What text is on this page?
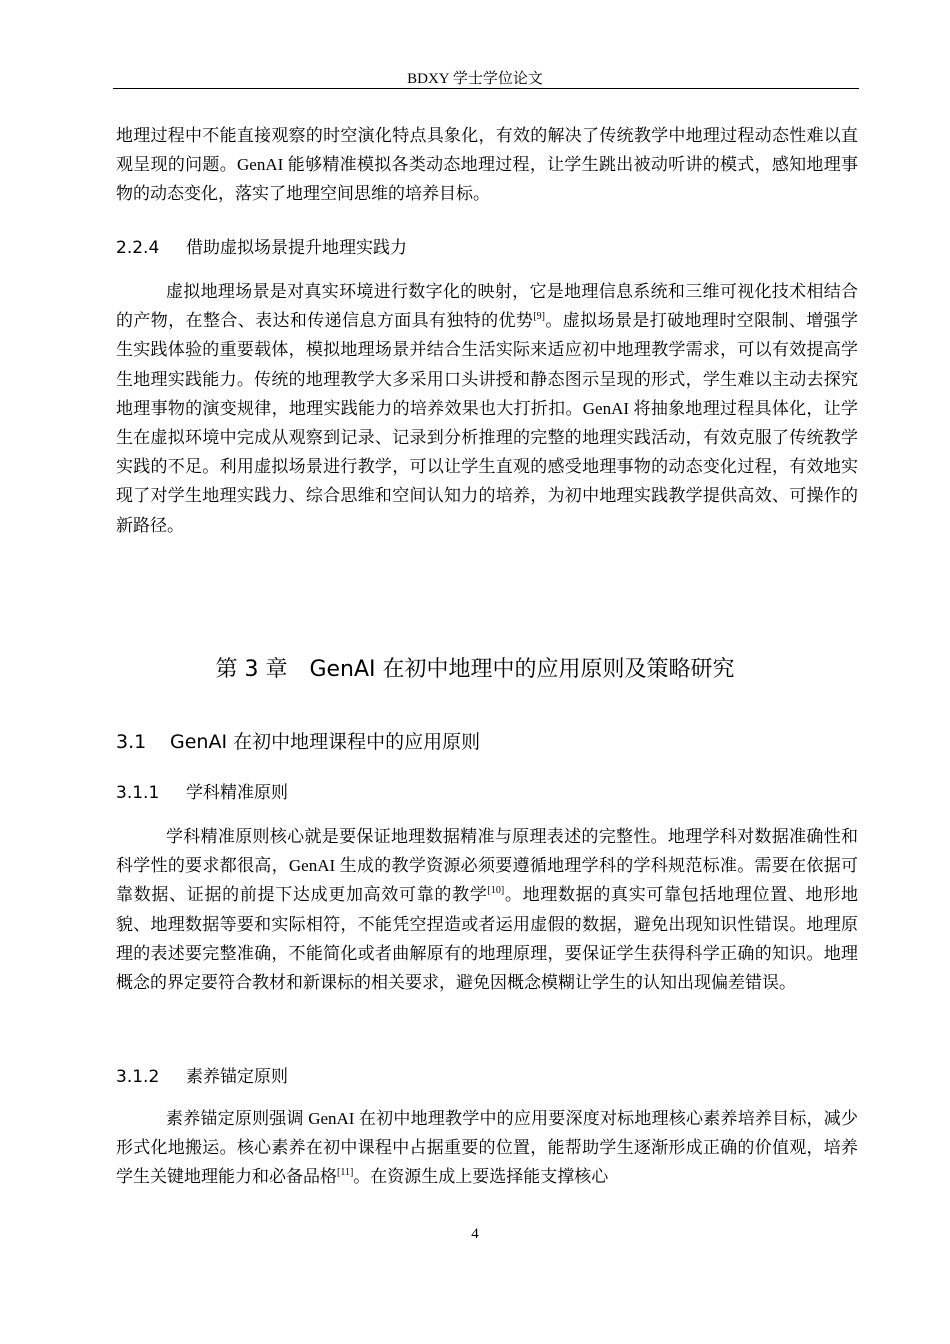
BDXY 学士学位论文
地理过程中不能直接观察的时空演化特点具象化，有效的解决了传统教学中地理过程动态性难以直观呈现的问题。GenAI 能够精准模拟各类动态地理过程，让学生跳出被动听讲的模式，感知地理事物的动态变化，落实了地理空间思维的培养目标。
2.2.4 借助虚拟场景提升地理实践力
虚拟地理场景是对真实环境进行数字化的映射，它是地理信息系统和三维可视化技术相结合的产物，在整合、表达和传递信息方面具有独特的优势[9]。虚拟场景是打破地理时空限制、增强学生实践体验的重要载体，模拟地理场景并结合生活实际来适应初中地理教学需求，可以有效提高学生地理实践能力。传统的地理教学大多采用口头讲授和静态图示呈现的形式，学生难以主动去探究地理事物的演变规律，地理实践能力的培养效果也大打折扣。GenAI 将抽象地理过程具体化，让学生在虚拟环境中完成从观察到记录、记录到分析推理的完整的地理实践活动，有效克服了传统教学实践的不足。利用虚拟场景进行教学，可以让学生直观的感受地理事物的动态变化过程，有效地实现了对学生地理实践力、综合思维和空间认知力的培养，为初中地理实践教学提供高效、可操作的新路径。
第 3 章 GenAI 在初中地理中的应用原则及策略研究
3.1 GenAI 在初中地理课程中的应用原则
3.1.1 学科精准原则
学科精准原则核心就是要保证地理数据精准与原理表述的完整性。地理学科对数据准确性和科学性的要求都很高，GenAI 生成的教学资源必须要遵循地理学科的学科规范标准。需要在依据可靠数据、证据的前提下达成更加高效可靠的教学[10]。地理数据的真实可靠包括地理位置、地形地貌、地理数据等要和实际相符，不能凭空捏造或者运用虚假的数据，避免出现知识性错误。地理原理的表述要完整准确，不能简化或者曲解原有的地理原理，要保证学生获得科学正确的知识。地理概念的界定要符合教材和新课标的相关要求，避免因概念模糊让学生的认知出现偏差错误。
3.1.2 素养锚定原则
素养锚定原则强调 GenAI 在初中地理教学中的应用要深度对标地理核心素养培养目标，减少形式化地搬运。核心素养在初中课程中占据重要的位置，能帮助学生逐渐形成正确的价值观，培养学生关键地理能力和必备品格[11]。在资源生成上要选择能支撑核心
4
